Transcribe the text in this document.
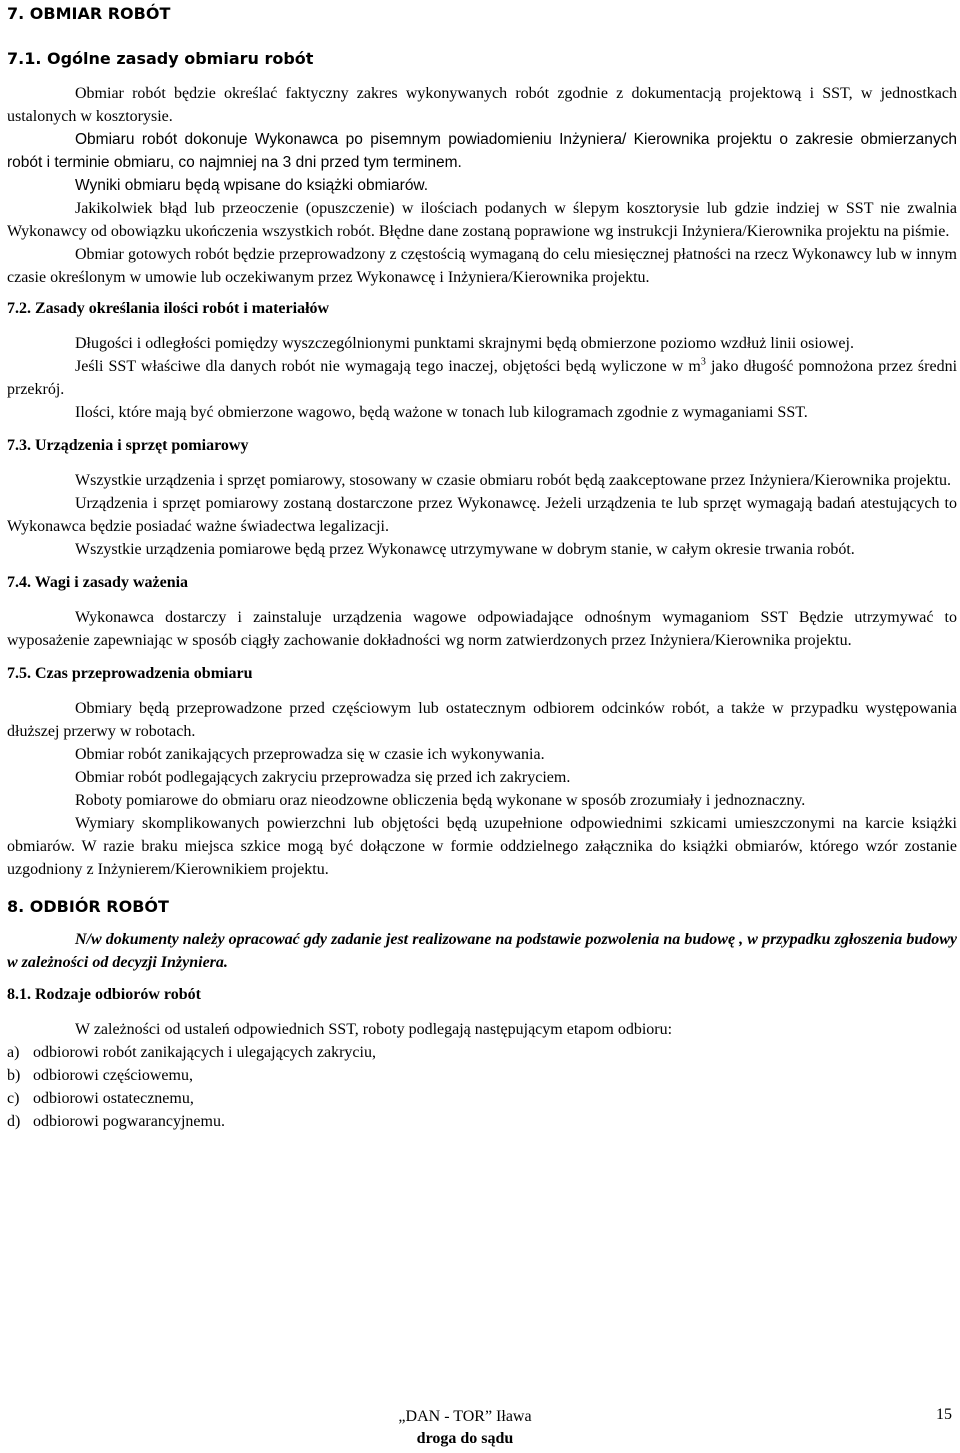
7. OBMIAR ROBÓT

7.1. Ogólne zasady obmiaru robót

Obmiar robót będzie określać faktyczny zakres wykonywanych robót zgodnie z dokumentacją projektową i SST, w jednostkach ustalonych w kosztorysie.

Obmiaru robót dokonuje Wykonawca po pisemnym powiadomieniu Inżyniera/ Kierownika projektu o zakresie obmierzanych robót i terminie obmiaru, co najmniej na 3 dni przed tym terminem.

Wyniki obmiaru będą wpisane do książki obmiarów.

Jakikolwiek błąd lub przeoczenie (opuszczenie) w ilościach podanych w ślepym kosztorysie lub gdzie indziej w SST nie zwalnia Wykonawcy od obowiązku ukończenia wszystkich robót. Błędne dane zostaną poprawione wg instrukcji Inżyniera/Kierownika projektu na piśmie.

Obmiar gotowych robót będzie przeprowadzony z częstością wymaganą do celu miesięcznej płatności na rzecz Wykonawcy lub w innym czasie określonym w umowie lub oczekiwanym przez Wykonawcę i Inżyniera/Kierownika projektu.

7.2. Zasady określania ilości robót i materiałów

Długości i odległości pomiędzy wyszczególnionymi punktami skrajnymi będą obmierzone poziomo wzdłuż linii osiowej.

Jeśli SST właściwe dla danych robót nie wymagają tego inaczej, objętości będą wyliczone w $m^3$ jako długość pomnożona przez średni przekrój.

Ilości, które mają być obmierzone wagowo, będą ważone w tonach lub kilogramach zgodnie z wymaganiami SST.

7.3. Urządzenia i sprzęt pomiarowy

Wszystkie urządzenia i sprzęt pomiarowy, stosowany w czasie obmiaru robót będą zaakceptowane przez Inżyniera/Kierownika projektu.

Urządzenia i sprzęt pomiarowy zostaną dostarczone przez Wykonawcę. Jeżeli urządzenia te lub sprzęt wymagają badań atestujących to Wykonawca będzie posiadać ważne świadectwa legalizacji.

Wszystkie urządzenia pomiarowe będą przez Wykonawcę utrzymywane w dobrym stanie, w całym okresie trwania robót.

7.4. Wagi i zasady ważenia

Wykonawca dostarczy i zainstaluje urządzenia wagowe odpowiadające odnośnym wymaganiom SST Będzie utrzymywać to wyposażenie zapewniając w sposób ciągły zachowanie dokładności wg norm zatwierdzonych przez Inżyniera/Kierownika projektu.

7.5. Czas przeprowadzenia obmiaru

Obmiary będą przeprowadzone przed częściowym lub ostatecznym odbiorem odcinków robót, a także w przypadku występowania dłuższej przerwy w robotach.

Obmiar robót zanikających przeprowadza się w czasie ich wykonywania.

Obmiar robót podlegających zakryciu przeprowadza się przed ich zakryciem.

Roboty pomiarowe do obmiaru oraz nieodzowne obliczenia będą wykonane w sposób zrozumiały i jednoznaczny.

Wymiary skomplikowanych powierzchni lub objętości będą uzupełnione odpowiednimi szkicami umieszczonymi na karcie książki obmiarów. W razie braku miejsca szkice mogą być dołączone w formie oddzielnego załącznika do książki obmiarów, którego wzór zostanie uzgodniony z Inżynierem/Kierownikiem projektu.

8. ODBIÓR ROBÓT

N/w dokumenty należy opracować gdy zadanie jest realizowane na podstawie pozwolenia na budowę , w przypadku zgłoszenia budowy w zależności od decyzji Inżyniera.

8.1. Rodzaje odbiorów robót

W zależności od ustaleń odpowiednich SST, roboty podlegają następującym etapom odbioru:

a) odbiorowi robót zanikających i ulegających zakryciu,

b) odbiorowi częściowemu,

c) odbiorowi ostatecznemu,

d) odbiorowi pogwarancyjnemu.

„DAN - TOR” Iława
droga do sądu
15
